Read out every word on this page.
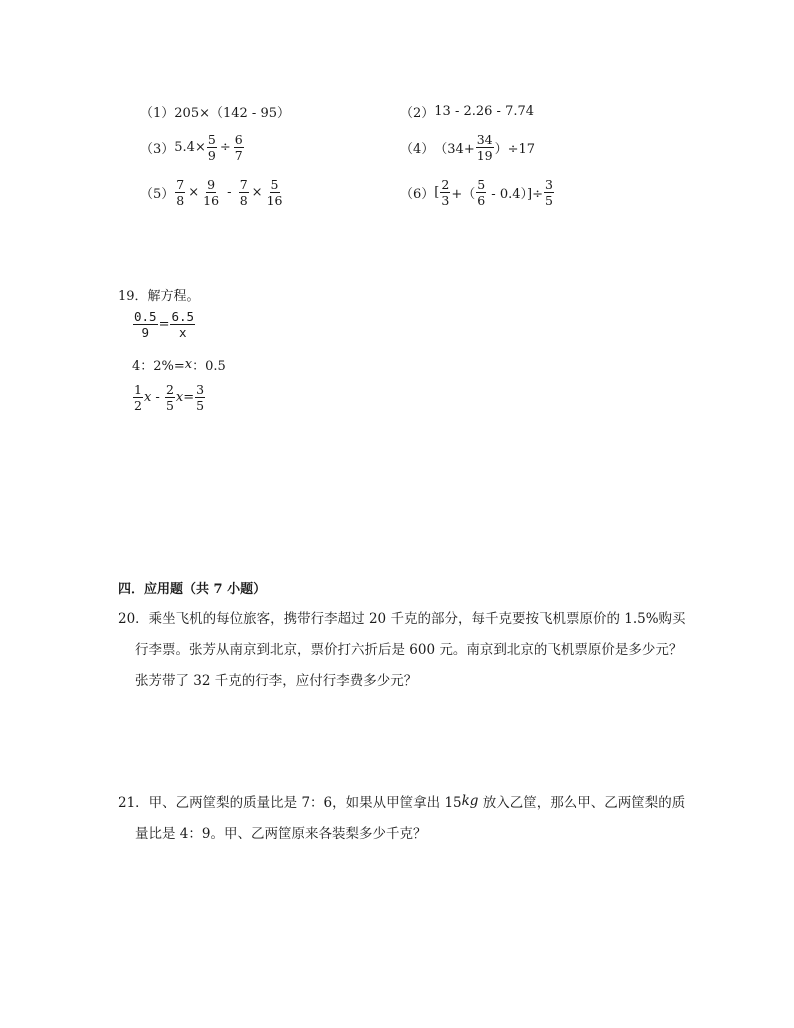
（1） 205×（142 - 95）	（2） 13 - 2.26 - 7.74
（3） $5.4\times \frac{5}{9} \div \frac{6}{7}$	（4） $(34+ \frac{34}{19} )\div 17$
$(5) \frac{7}{8} \times \frac{9}{16} - \frac{7}{8} \times \frac{5}{16}$	（6） [ $\frac{2}{3}$ +（ $\frac{5}{6} - 0.4)]\div \frac{3}{5}$
19．解方程。
$\frac{0.5}{9} = \frac{6.5}{x}$
4：2%= x ：0.5
$\frac{1}{2}$ x - $\frac{2}{5}$ $x = \frac{3}{5}$
四．应用题（共 7 小题）
20．乘坐飞机的每位旅客，携带行李超过 20 千克的部分，每千克要按飞机票原价的 1.5%购买
行李票。张芳从南京到北京，票价打六折后是 600 元。南京到北京的飞机票原价是多少元？
张芳带了 32 千克的行李，应付行李费多少元？
21．甲、乙两筐梨的质量比是 7：6，如果从甲筐拿出 15 kg 放入乙筐，那么甲、乙两筐梨的质
量比是 4：9。甲、乙两筐原来各装梨多少千克？
